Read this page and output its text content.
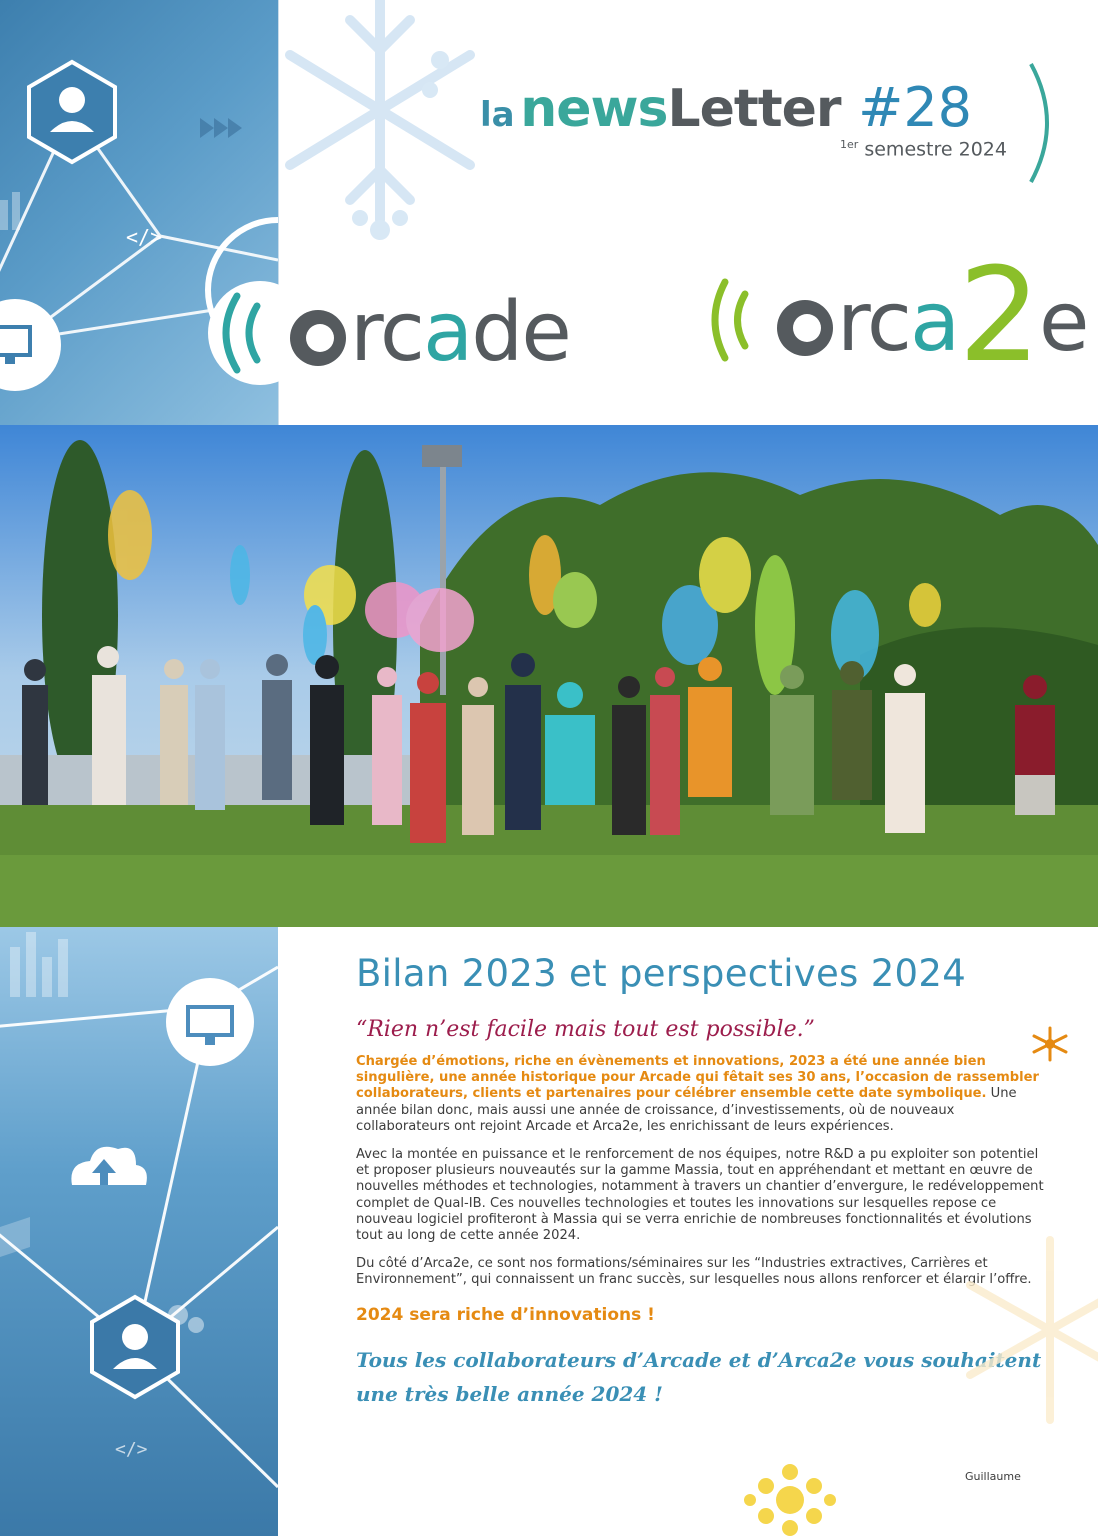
</>
la newsLetter #28
$^{1er}$ semestre 2024
rcade	rca2e
</>
Bilan 2023 et perspectives 2024
“Rien n’est facile mais tout est possible.”

Chargée d’émotions, riche en évènements et innovations, 2023 a été une année bien singulière, une année historique pour Arcade qui fêtait ses 30 ans, l’occasion de rassembler collaborateurs, clients et partenaires pour célébrer ensemble cette date symbolique. Une année bilan donc, mais aussi une année de croissance, d’investissements, où de nouveaux collaborateurs ont rejoint Arcade et Arca2e, les enrichissant de leurs expériences.

Avec la montée en puissance et le renforcement de nos équipes, notre R&D a pu exploiter son potentiel et proposer plusieurs nouveautés sur la gamme Massia, tout en appréhendant et mettant en œuvre de nouvelles méthodes et technologies, notamment à travers un chantier d’envergure, le redéveloppement complet de Qual-IB. Ces nouvelles technologies et toutes les innovations sur lesquelles repose ce nouveau logiciel profiteront à Massia qui se verra enrichie de nombreuses fonctionnalités et évolutions tout au long de cette année 2024.

Du côté d’Arca2e, ce sont nos formations/séminaires sur les “Industries extractives, Carrières et Environnement”, qui connaissent un franc succès, sur lesquelles nous allons renforcer et élargir l’offre.

2024 sera riche d’innovations !
Tous les collaborateurs d’Arcade et d’Arca2e vous souhaitent une très belle année 2024 !
Guillaume
